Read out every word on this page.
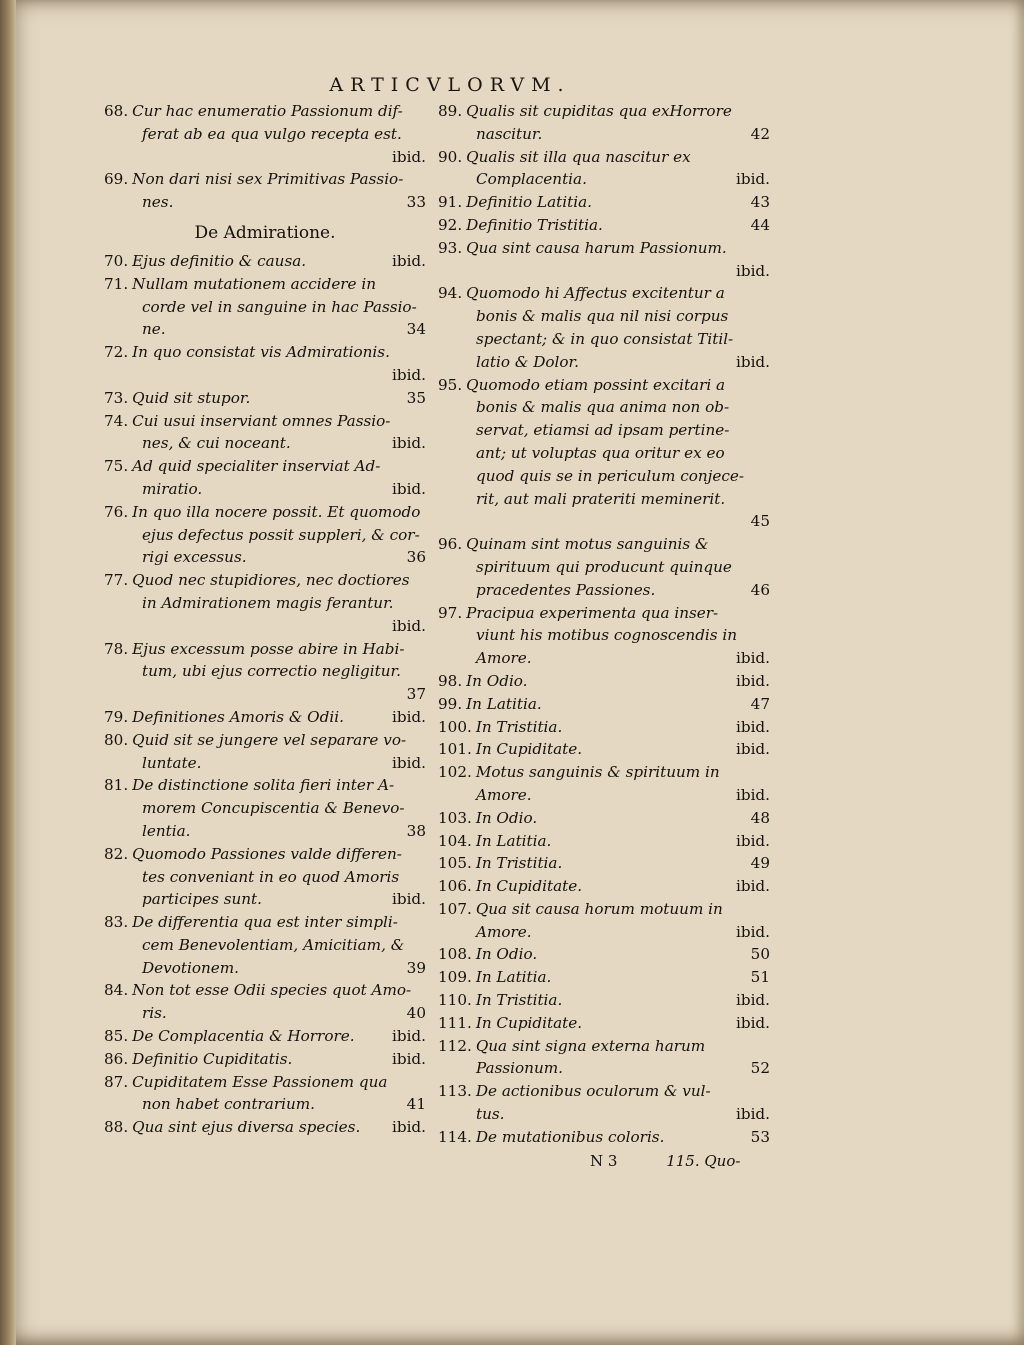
ARTICVLORVM.
68. Cur hac enumeratio Passionum dif-
ferat ab ea qua vulgo recepta est.
ibid.
69. Non dari nisi sex Primitivas Passio-
nes.	33
De Admiratione.
70. Ejus definitio & causa.	ibid.
71. Nullam mutationem accidere in
corde vel in sanguine in hac Passio-
ne.	34
72. In quo consistat vis Admirationis.
ibid.
73. Quid sit stupor.	35
74. Cui usui inserviant omnes Passio-
nes, & cui noceant.	ibid.
75. Ad quid specialiter inserviat Ad-
miratio.	ibid.
76. In quo illa nocere possit. Et quomodo
ejus defectus possit suppleri, & cor-
rigi excessus.	36
77. Quod nec stupidiores, nec doctiores
in Admirationem magis ferantur.
ibid.
78. Ejus excessum posse abire in Habi-
tum, ubi ejus correctio negligitur.
37
79. Definitiones Amoris & Odii.	ibid.
80. Quid sit se jungere vel separare vo-
luntate.	ibid.
81. De distinctione solita fieri inter A-
morem Concupiscentia & Benevo-
lentia.	38
82. Quomodo Passiones valde differen-
tes conveniant in eo quod Amoris
participes sunt.	ibid.
83. De differentia qua est inter simpli-
cem Benevolentiam, Amicitiam, &
Devotionem.	39
84. Non tot esse Odii species quot Amo-
ris.	40
85. De Complacentia & Horrore. ibid.
86. Definitio Cupiditatis.	ibid.
87. Cupiditatem Esse Passionem qua
non habet contrarium.	41
88. Qua sint ejus diversa species. ibid.
89. Qualis sit cupiditas qua exHorrore
nascitur.	42
90. Qualis sit illa qua nascitur ex
Complacentia.	ibid.
91. Definitio Latitia.	43
92. Definitio Tristitia.	44
93. Qua sint causa harum Passionum.
ibid.
94. Quomodo hi Affectus excitentur a
bonis & malis qua nil nisi corpus
spectant; & in quo consistat Titil-
latio & Dolor.	ibid.
95. Quomodo etiam possint excitari a
bonis & malis qua anima non ob-
servat, etiamsi ad ipsam pertine-
ant; ut voluptas qua oritur ex eo
quod quis se in periculum conjece-
rit, aut mali prateriti meminerit.
45
96. Quinam sint motus sanguinis &
spirituum qui producunt quinque
pracedentes Passiones.	46
97. Pracipua experimenta qua inser-
viunt his motibus cognoscendis in
Amore.	ibid.
98. In Odio.	ibid.
99. In Latitia.	47
100. In Tristitia.	ibid.
101. In Cupiditate.	ibid.
102. Motus sanguinis & spirituum in
Amore.	ibid.
103. In Odio.	48
104. In Latitia.	ibid.
105. In Tristitia.	49
106. In Cupiditate.	ibid.
107. Qua sit causa horum motuum in
Amore.	ibid.
108. In Odio.	50
109. In Latitia.	51
110. In Tristitia.	ibid.
111. In Cupiditate.	ibid.
112. Qua sint signa externa harum
Passionum.	52
113. De actionibus oculorum & vul-
tus.	ibid.
114. De mutationibus coloris.	53
N 3	115. Quo-
